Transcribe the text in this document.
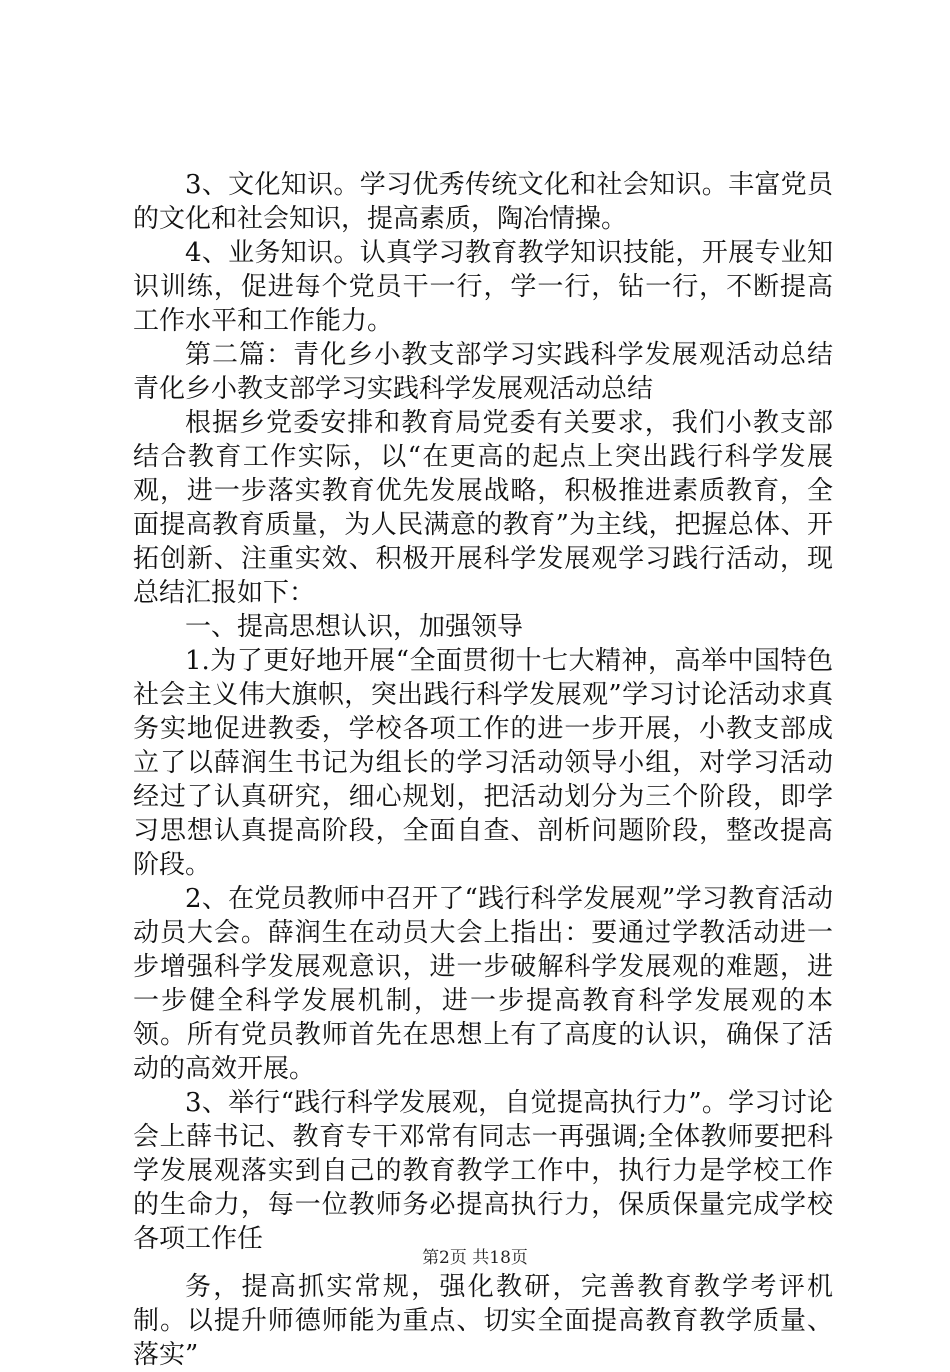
3、文化知识。学习优秀传统文化和社会知识。丰富党员的文化和社会知识，提高素质，陶冶情操。

4、业务知识。认真学习教育教学知识技能，开展专业知识训练，促进每个党员干一行，学一行，钻一行，不断提高工作水平和工作能力。

第二篇：青化乡小教支部学习实践科学发展观活动总结青化乡小教支部学习实践科学发展观活动总结

根据乡党委安排和教育局党委有关要求，我们小教支部结合教育工作实际，以“在更高的起点上突出践行科学发展观，进一步落实教育优先发展战略，积极推进素质教育，全面提高教育质量，为人民满意的教育”为主线，把握总体、开拓创新、注重实效、积极开展科学发展观学习践行活动，现总结汇报如下：

一、提高思想认识，加强领导

1.为了更好地开展“全面贯彻十七大精神，高举中国特色社会主义伟大旗帜，突出践行科学发展观”学习讨论活动求真务实地促进教委，学校各项工作的进一步开展，小教支部成立了以薛润生书记为组长的学习活动领导小组，对学习活动经过了认真研究，细心规划，把活动划分为三个阶段，即学习思想认真提高阶段，全面自查、剖析问题阶段，整改提高阶段。

2、在党员教师中召开了“践行科学发展观”学习教育活动动员大会。薛润生在动员大会上指出：要通过学教活动进一步增强科学发展观意识，进一步破解科学发展观的难题，进一步健全科学发展机制，进一步提高教育科学发展观的本领。所有党员教师首先在思想上有了高度的认识，确保了活动的高效开展。

3、举行“践行科学发展观，自觉提高执行力”。学习讨论会上薛书记、教育专干邓常有同志一再强调;全体教师要把科学发展观落实到自己的教育教学工作中，执行力是学校工作的生命力，每一位教师务必提高执行力，保质保量完成学校各项工作任

务，提高抓实常规，强化教研，完善教育教学考评机制。以提升师德师能为重点、切实全面提高教育教学质量、落实”

第2页 共18页
